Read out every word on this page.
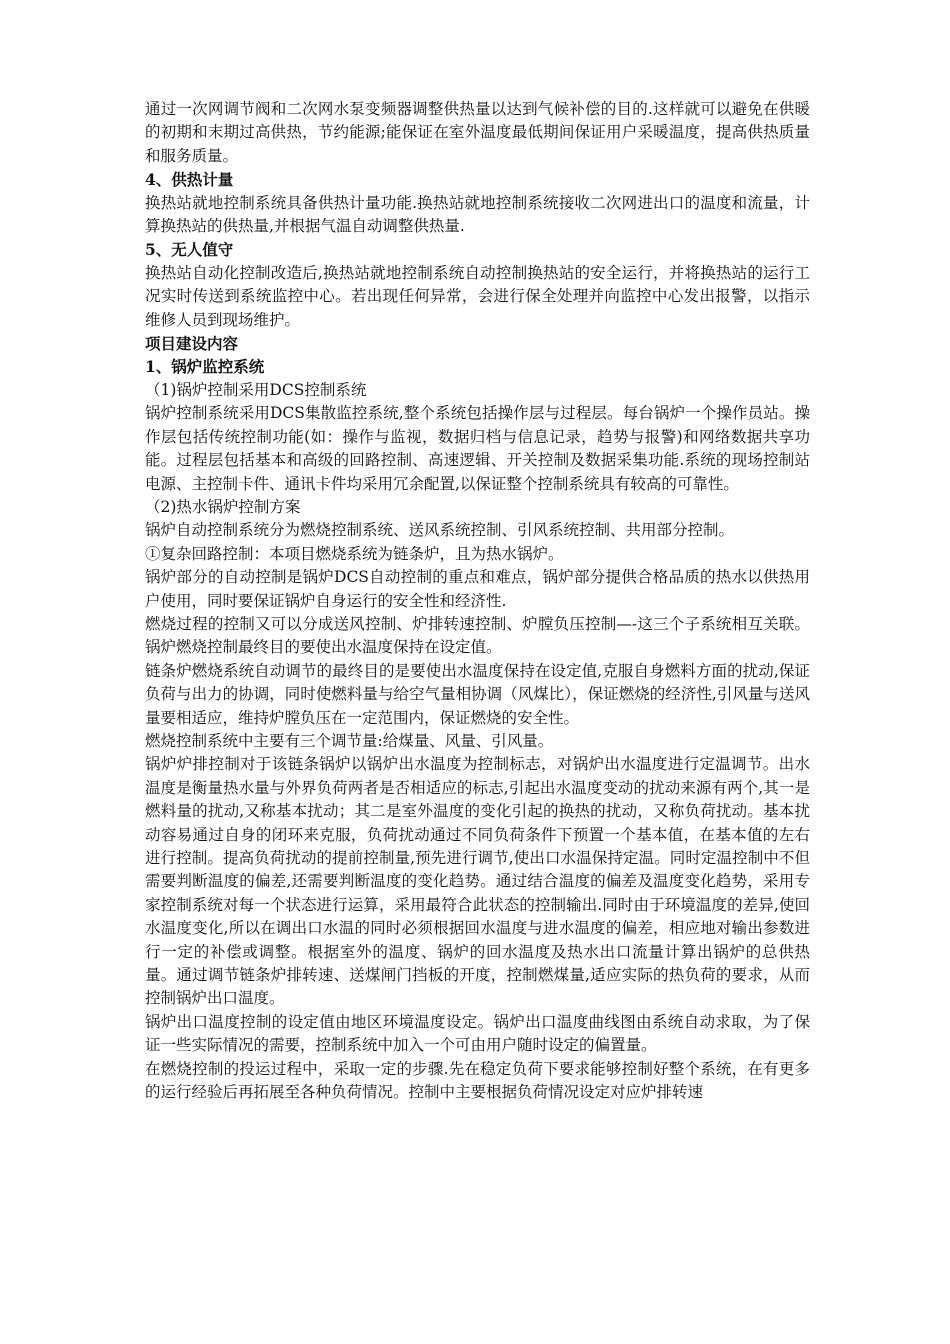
通过一次网调节阀和二次网水泵变频器调整供热量以达到气候补偿的目的.这样就可以避免在供暖的初期和末期过高供热，节约能源;能保证在室外温度最低期间保证用户采暖温度，提高供热质量和服务质量。

4、供热计量

换热站就地控制系统具备供热计量功能.换热站就地控制系统接收二次网进出口的温度和流量，计算换热站的供热量,并根据气温自动调整供热量.

5、无人值守

换热站自动化控制改造后,换热站就地控制系统自动控制换热站的安全运行，并将换热站的运行工况实时传送到系统监控中心。若出现任何异常，会进行保全处理并向监控中心发出报警，以指示维修人员到现场维护。

项目建设内容

1、锅炉监控系统

（1)锅炉控制采用DCS控制系统

锅炉控制系统采用DCS集散监控系统,整个系统包括操作层与过程层。每台锅炉一个操作员站。操作层包括传统控制功能(如：操作与监视，数据归档与信息记录，趋势与报警)和网络数据共享功能。过程层包括基本和高级的回路控制、高速逻辑、开关控制及数据采集功能.系统的现场控制站电源、主控制卡件、通讯卡件均采用冗余配置,以保证整个控制系统具有较高的可靠性。

（2)热水锅炉控制方案

锅炉自动控制系统分为燃烧控制系统、送风系统控制、引风系统控制、共用部分控制。

①复杂回路控制：本项目燃烧系统为链条炉，且为热水锅炉。

锅炉部分的自动控制是锅炉DCS自动控制的重点和难点，锅炉部分提供合格品质的热水以供热用户使用，同时要保证锅炉自身运行的安全性和经济性.

燃烧过程的控制又可以分成送风控制、炉排转速控制、炉膛负压控制—-这三个子系统相互关联。锅炉燃烧控制最终目的要使出水温度保持在设定值。

链条炉燃烧系统自动调节的最终目的是要使出水温度保持在设定值,克服自身燃料方面的扰动,保证负荷与出力的协调，同时使燃料量与给空气量相协调（风煤比），保证燃烧的经济性,引风量与送风量要相适应，维持炉膛负压在一定范围内，保证燃烧的安全性。

燃烧控制系统中主要有三个调节量:给煤量、风量、引风量。

锅炉炉排控制对于该链条锅炉以锅炉出水温度为控制标志，对锅炉出水温度进行定温调节。出水温度是衡量热水量与外界负荷两者是否相适应的标志,引起出水温度变动的扰动来源有两个,其一是燃料量的扰动,又称基本扰动；其二是室外温度的变化引起的换热的扰动，又称负荷扰动。基本扰动容易通过自身的闭环来克服，负荷扰动通过不同负荷条件下预置一个基本值，在基本值的左右进行控制。提高负荷扰动的提前控制量,预先进行调节,使出口水温保持定温。同时定温控制中不但需要判断温度的偏差,还需要判断温度的变化趋势。通过结合温度的偏差及温度变化趋势，采用专家控制系统对每一个状态进行运算，采用最符合此状态的控制输出.同时由于环境温度的差异,使回水温度变化,所以在调出口水温的同时必须根据回水温度与进水温度的偏差，相应地对输出参数进行一定的补偿或调整。根据室外的温度、锅炉的回水温度及热水出口流量计算出锅炉的总供热量。通过调节链条炉排转速、送煤闸门挡板的开度，控制燃煤量,适应实际的热负荷的要求，从而控制锅炉出口温度。

锅炉出口温度控制的设定值由地区环境温度设定。锅炉出口温度曲线图由系统自动求取，为了保证一些实际情况的需要，控制系统中加入一个可由用户随时设定的偏置量。

在燃烧控制的投运过程中，采取一定的步骤.先在稳定负荷下要求能够控制好整个系统，在有更多的运行经验后再拓展至各种负荷情况。控制中主要根据负荷情况设定对应炉排转速
